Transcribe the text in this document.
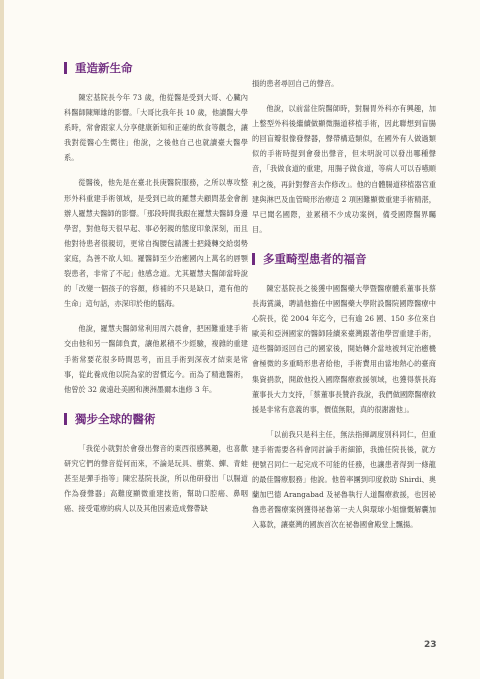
重造新生命

陳宏基院長今年 73 歲，他從醫是受到大哥、心臟內科醫師陳輝雄的影響。「大哥比我年長 10 歲，他讀醫大學系時，常會跟家人分享健康新知和正確的飲食等觀念，讓我對從醫心生嚮往」他說，之後他自己也就讀臺大醫學系。

從醫後，他先是在臺北長庚醫院服務，之所以專攻整形外科重建手術領域，是受到已故的羅慧夫顧問基金會創辦人羅慧夫醫師的影響。「那段時間我跟在羅慧夫醫師身邊學習，對他每天很早起、事必躬親的態度印象深刻，而且他對待患者很親切，更常自掏腰包請護士把錢轉交給弱勢家庭，為善不欲人知。羅醫師至少治癒國內上萬名的唇顎裂患者，非常了不起」他感念道。尤其羅慧夫醫師當時說的「改變一個孩子的容顏，修補的不只是缺口，還有他的生命」這句話，亦深印於他的腦海。

他說，羅慧夫醫師常利用周六晨會，把困難重建手術交由他和另一醫師負責，讓他累積不少經驗，複雜的重建手術常要花很多時間思考，而且手術到深夜才結束是常事，從此養成他以院為家的習慣迄今。而為了精進醫術，他曾於 32 歲遠赴美國和澳洲墨爾本進修 3 年。

獨步全球的醫術

「我從小就對於會發出聲音的東西很感興趣，也喜歡研究它們的聲音從何而來，不論是玩具、樹葉、蟬、青蛙甚至是彈手指等」陳宏基院長說，所以他研發出「以腸道作為發聲器」高難度顯微重建技術，幫助口腔癌、鼻咽癌、接受電療的病人以及其他因素造成聲帶缺

損的患者尋回自己的聲音。

他說，以前當住院醫師時，對腸胃外科亦有興趣，加上整型外科後繼續做顯微腸道移植手術，因此聯想到盲腸的回盲瓣很像發聲器，聲帶構造類似，在國外有人做過類似的手術時提到會發出聲音，但未明說可以發出哪種聲音，「我做食道的重建，用腸子做食道，等病人可以吞嚥順利之後，再針對聲音去作修改」。他的自體腸道移植器官重建與淋巴及血管畸形治療這 2 項困難顯微重建手術精湛，早已聞名國際，並累積不少成功案例，備受國際醫界矚目。

多重畸型患者的福音

陳宏基院長之後獲中國醫藥大學暨醫療體系董事長蔡長海賞識，聘請他擔任中國醫藥大學附設醫院國際醫療中心院長，從 2004 年迄今，已有逾 26 國、150 多位來自歐美和亞洲國家的醫師陸續來臺灣跟著他學習重建手術，這些醫師返回自己的國家後，開始轉介當地被判定治癒機會極微的多重畸形患者給他，手術費用由當地熱心的臺商集資捐款，開啟他投入國際醫療救援領域，也獲得蔡長海董事長大力支持，「蔡董事長贊許我說，我們做國際醫療救援是非常有意義的事，價值無限，真的很謝謝他」。

「以前我只是科主任，無法指揮調度別科同仁，但重建手術需要各科會同討論手術細節，我擔任院長後，就方便號召同仁一起完成不可能的任務，也讓患者得到一條龍的最佳醫療服務」他說。他曾率團到印度救助 Shirdi、奧蘭加巴德 Arangabad 及祕魯執行人道醫療救援，也因祕魯患者醫療案例獲得祕魯第一夫人與環球小姐慷慨解囊加入募款，讓臺灣的國族首次在祕魯國會殿堂上飄揚。

23
